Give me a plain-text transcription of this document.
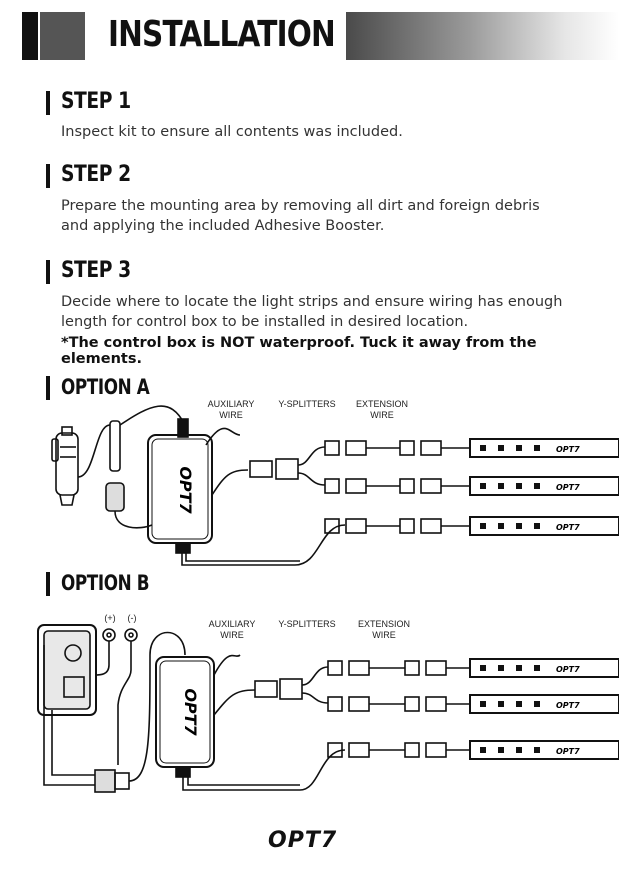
INSTALLATION
STEP 1
Inspect kit to ensure all contents was included.
STEP 2
Prepare the mounting area by removing all dirt and foreign debris
and applying the included Adhesive Booster.
STEP 3
Decide where to locate the light strips and ensure wiring has enough
length for control box to be installed in desired location.
*The control box is NOT waterproof. Tuck it away from the elements.
OPTION A
AUXILIARY
WIRE
Y-SPLITTERS	EXTENSION
WIRE
OPT7
OPT7
OPT7
OPT7
OPTION B
(+)	(-)
AUXILIARY
WIRE
Y-SPLITTERS	EXTENSION
WIRE
OPT7
OPT7
OPT7
OPT7
OPT7
